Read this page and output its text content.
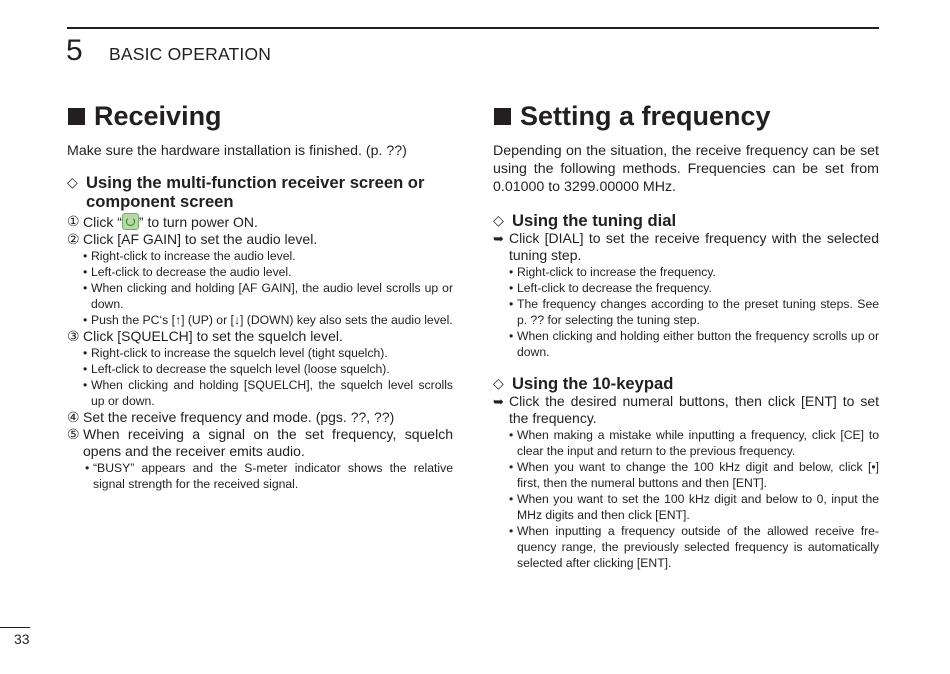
5 BASIC OPERATION
Receiving

Make sure the hardware installation is finished. (p. ??)

◇ Using the multi-function receiver screen or component screen
① Click “ ” to turn power ON.
② Click [AF GAIN] to set the audio level.
• Right-click to increase the audio level.
• Left-click to decrease the audio level.
• When clicking and holding [AF GAIN], the audio level scrolls up or down.
• Push the PC‘s [↑] (UP) or [↓] (DOWN) key also sets the audio level.
③ Click [SQUELCH] to set the squelch level.
• Right-click to increase the squelch level (tight squelch).
• Left-click to decrease the squelch level (loose squelch).
• When clicking and holding [SQUELCH], the squelch level scrolls up or down.
④ Set the receive frequency and mode. (pgs. ??, ??)
⑤ When receiving a signal on the set frequency, squelch opens and the receiver emits audio.
• “BUSY” appears and the S-meter indicator shows the relative signal strength for the received signal.
Setting a frequency

Depending on the situation, the receive frequency can be set using the following methods. Frequencies can be set from 0.01000 to 3299.00000 MHz.

◇ Using the tuning dial
➥ Click [DIAL] to set the receive frequency with the selected tuning step.
• Right-click to increase the frequency.
• Left-click to decrease the frequency.
• The frequency changes according to the preset tuning steps. See p. ?? for selecting the tuning step.
• When clicking and holding either button the frequency scrolls up or down.
◇ Using the 10-keypad
➥ Click the desired numeral buttons, then click [ENT] to set the frequency.
• When making a mistake while inputting a frequency, click [CE] to clear the input and return to the previous frequency.
• When you want to change the 100 kHz digit and below, click [•] first, then the numeral buttons and then [ENT].
• When you want to set the 100 kHz digit and below to 0, input the MHz digits and then click [ENT].
• When inputting a frequency outside of the allowed receive fre-quency range, the previously selected frequency is automatically selected after clicking [ENT].
33
